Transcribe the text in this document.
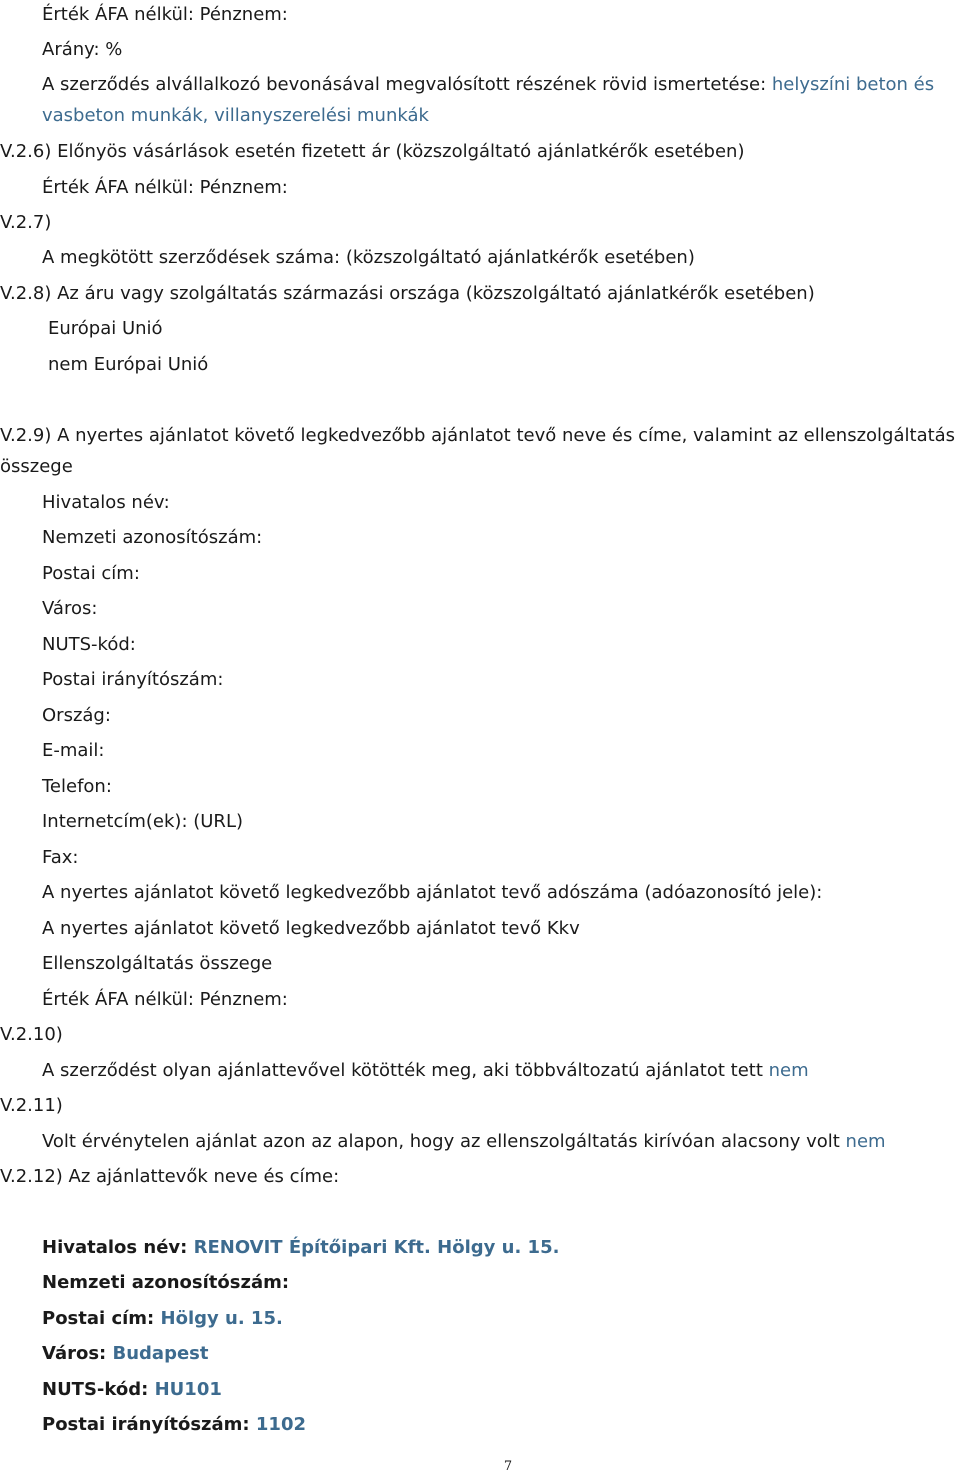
Érték ÁFA nélkül: Pénznem:
Arány: %
A szerződés alvállalkozó bevonásával megvalósított részének rövid ismertetése: helyszíni beton és
vasbeton munkák, villanyszerelési munkák
V.2.6) Előnyös vásárlások esetén fizetett ár (közszolgáltató ajánlatkérők esetében)
Érték ÁFA nélkül: Pénznem:
V.2.7)
A megkötött szerződések száma: (közszolgáltató ajánlatkérők esetében)
V.2.8) Az áru vagy szolgáltatás származási országa (közszolgáltató ajánlatkérők esetében)
Európai Unió
nem Európai Unió
V.2.9) A nyertes ajánlatot követő legkedvezőbb ajánlatot tevő neve és címe, valamint az ellenszolgáltatás
összege
Hivatalos név:
Nemzeti azonosítószám:
Postai cím:
Város:
NUTS-kód:
Postai irányítószám:
Ország:
E-mail:
Telefon:
Internetcím(ek): (URL)
Fax:
A nyertes ajánlatot követő legkedvezőbb ajánlatot tevő adószáma (adóazonosító jele):
A nyertes ajánlatot követő legkedvezőbb ajánlatot tevő Kkv
Ellenszolgáltatás összege
Érték ÁFA nélkül: Pénznem:
V.2.10)
A szerződést olyan ajánlattevővel kötötték meg, aki többváltozatú ajánlatot tett nem
V.2.11)
Volt érvénytelen ajánlat azon az alapon, hogy az ellenszolgáltatás kirívóan alacsony volt nem
V.2.12) Az ajánlattevők neve és címe:
Hivatalos név: RENOVIT Építőipari Kft. Hölgy u. 15.
Nemzeti azonosítószám:
Postai cím: Hölgy u. 15.
Város: Budapest
NUTS-kód: HU101
Postai irányítószám: 1102
7
